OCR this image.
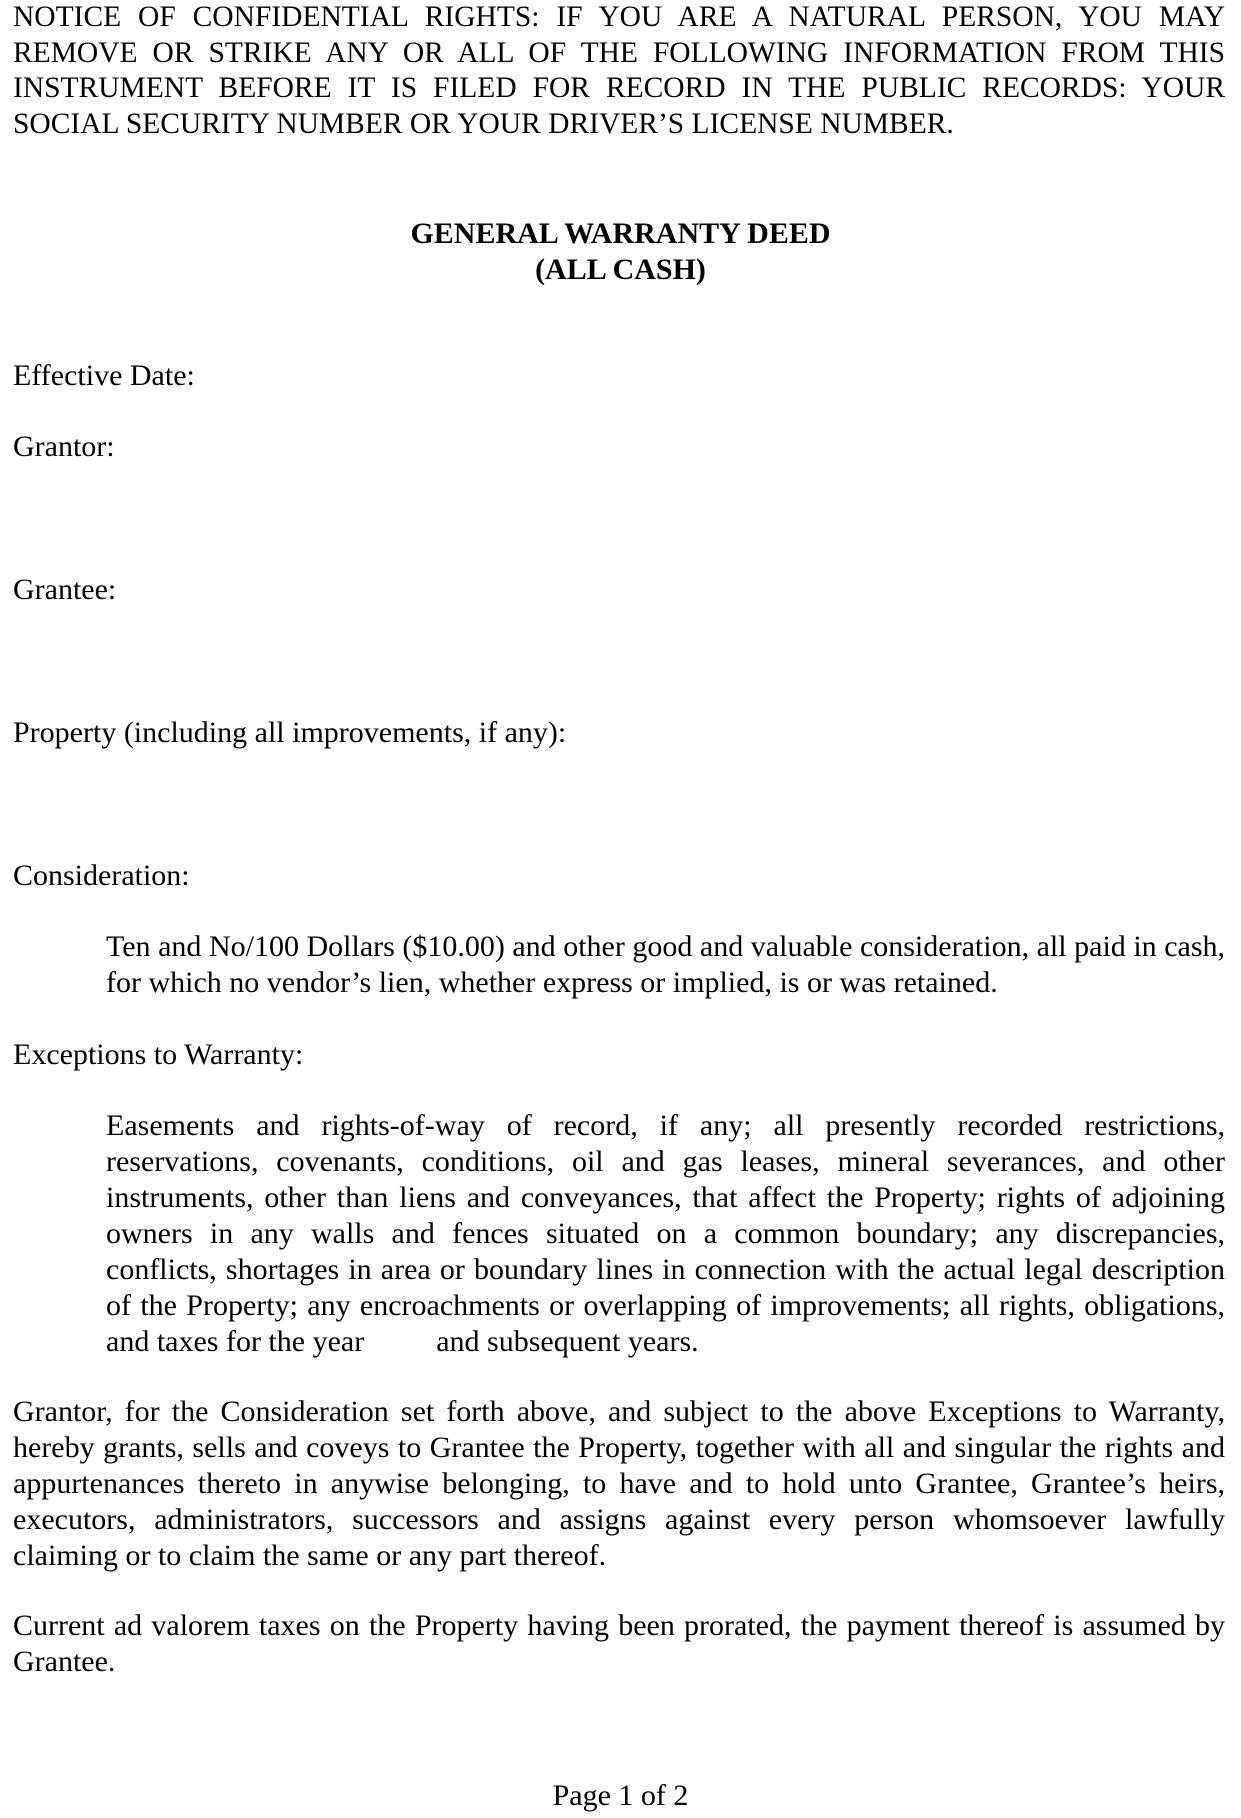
NOTICE OF CONFIDENTIAL RIGHTS: IF YOU ARE A NATURAL PERSON, YOU MAY REMOVE OR STRIKE ANY OR ALL OF THE FOLLOWING INFORMATION FROM THIS INSTRUMENT BEFORE IT IS FILED FOR RECORD IN THE PUBLIC RECORDS: YOUR SOCIAL SECURITY NUMBER OR YOUR DRIVER’S LICENSE NUMBER.

GENERAL WARRANTY DEED
(ALL CASH)

Effective Date:

Grantor:

Grantee:

Property (including all improvements, if any):

Consideration:

Ten and No/100 Dollars ($10.00) and other good and valuable consideration, all paid in cash, for which no vendor’s lien, whether express or implied, is or was retained.

Exceptions to Warranty:

Easements and rights-of-way of record, if any; all presently recorded restrictions, reservations, covenants, conditions, oil and gas leases, mineral severances, and other instruments, other than liens and conveyances, that affect the Property; rights of adjoining owners in any walls and fences situated on a common boundary; any discrepancies, conflicts, shortages in area or boundary lines in connection with the actual legal description of the Property; any encroachments or overlapping of improvements; all rights, obligations, and taxes for the year and subsequent years.

Grantor, for the Consideration set forth above, and subject to the above Exceptions to Warranty, hereby grants, sells and coveys to Grantee the Property, together with all and singular the rights and appurtenances thereto in anywise belonging, to have and to hold unto Grantee, Grantee’s heirs, executors, administrators, successors and assigns against every person whomsoever lawfully claiming or to claim the same or any part thereof.

Current ad valorem taxes on the Property having been prorated, the payment thereof is assumed by Grantee.

Page 1 of 2
